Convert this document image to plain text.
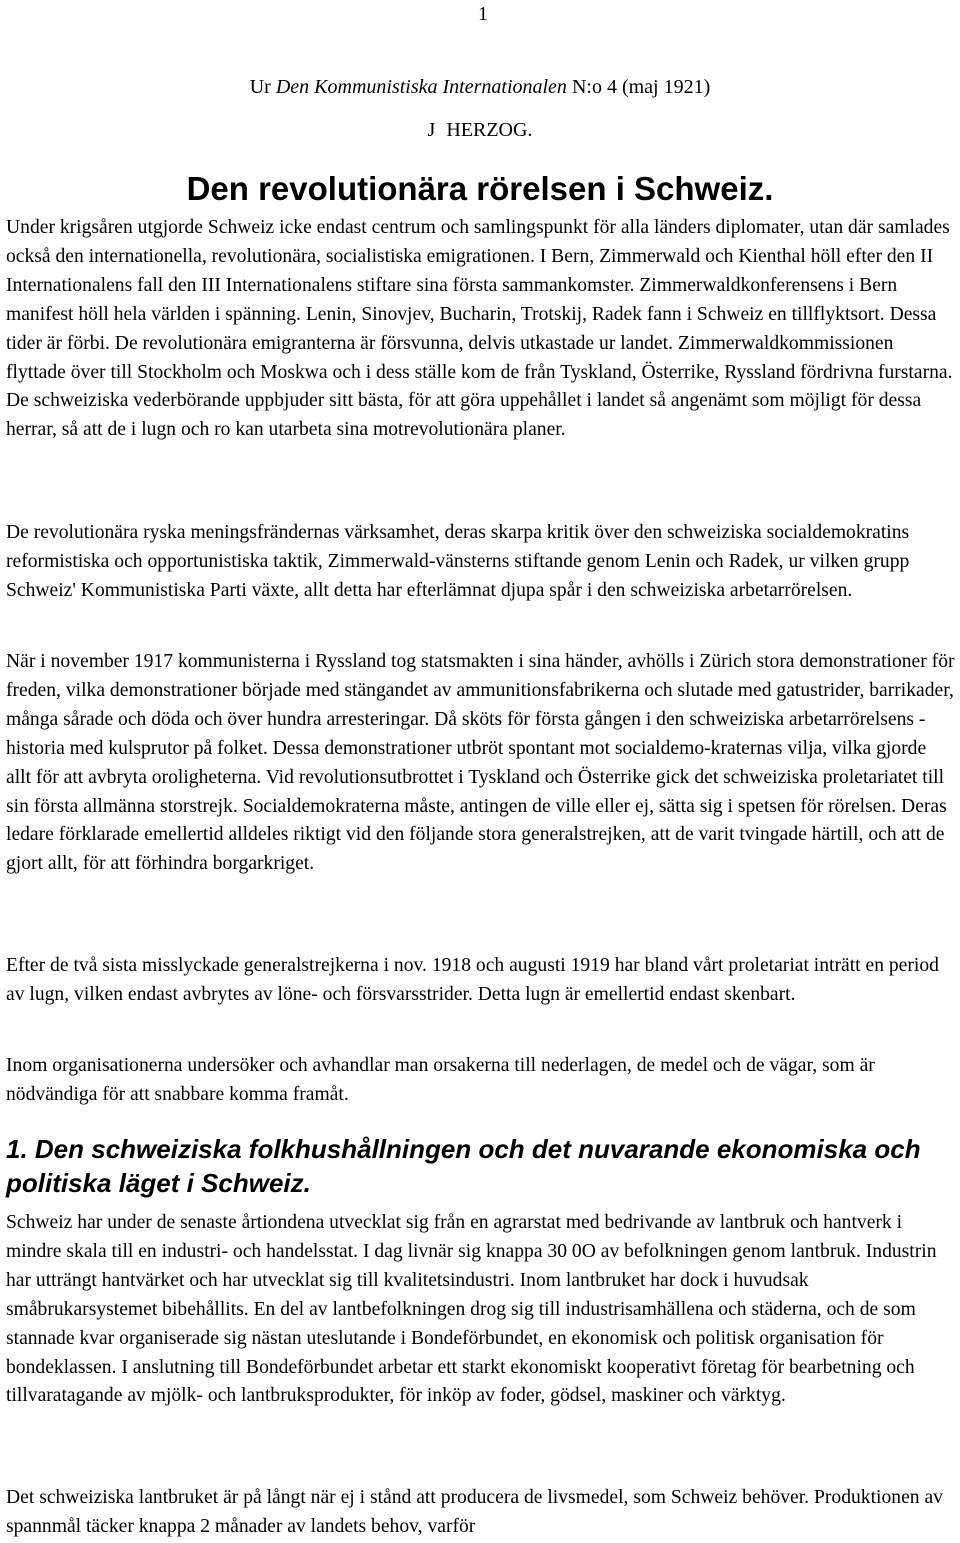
1
Ur Den Kommunistiska Internationalen N:o 4 (maj 1921)
J HERZOG.
Den revolutionära rörelsen i Schweiz.

Under krigsåren utgjorde Schweiz icke endast centrum och samlingspunkt för alla länders diplomater, utan där samlades också den internationella, revolutionära, socialistiska emigrationen. I Bern, Zimmerwald och Kienthal höll efter den II Internationalens fall den III Internationalens stiftare sina första sammankomster. Zimmerwaldkonferensens i Bern manifest höll hela världen i spänning. Lenin, Sinovjev, Bucharin, Trotskij, Radek fann i Schweiz en tillflyktsort. Dessa tider är förbi. De revolutionära emigranterna är försvunna, delvis utkastade ur landet. Zimmerwaldkommissionen flyttade över till Stockholm och Moskwa och i dess ställe kom de från Tyskland, Österrike, Ryssland fördrivna furstarna. De schweiziska vederbörande uppbjuder sitt bästa, för att göra uppehållet i landet så angenämt som möjligt för dessa herrar, så att de i lugn och ro kan utarbeta sina motrevolutionära planer.

De revolutionära ryska meningsfrändernas värksamhet, deras skarpa kritik över den schweiziska socialdemokratins reformistiska och opportunistiska taktik, Zimmerwald-vänsterns stiftande genom Lenin och Radek, ur vilken grupp Schweiz' Kommunistiska Parti växte, allt detta har efterlämnat djupa spår i den schweiziska arbetarrörelsen.

När i november 1917 kommunisterna i Ryssland tog statsmakten i sina händer, avhölls i Zürich stora demonstrationer för freden, vilka demonstrationer började med stängandet av ammunitionsfabrikerna och slutade med gatustrider, barrikader, många sårade och döda och över hundra arresteringar. Då sköts för första gången i den schweiziska arbetarrörelsens - historia med kulsprutor på folket. Dessa demonstrationer utbröt spontant mot socialdemo-kraternas vilja, vilka gjorde allt för att avbryta oroligheterna. Vid revolutionsutbrottet i Tyskland och Österrike gick det schweiziska proletariatet till sin första allmänna storstrejk. Socialdemokraterna måste, antingen de ville eller ej, sätta sig i spetsen för rörelsen. Deras ledare förklarade emellertid alldeles riktigt vid den följande stora generalstrejken, att de varit tvingade härtill, och att de gjort allt, för att förhindra borgarkriget.

Efter de två sista misslyckade generalstrejkerna i nov. 1918 och augusti 1919 har bland vårt proletariat inträtt en period av lugn, vilken endast avbrytes av löne- och försvarsstrider. Detta lugn är emellertid endast skenbart.

Inom organisationerna undersöker och avhandlar man orsakerna till nederlagen, de medel och de vägar, som är nödvändiga för att snabbare komma framåt.

1. Den schweiziska folkhushållningen och det nuvarande ekonomiska och politiska läget i Schweiz.

Schweiz har under de senaste årtiondena utvecklat sig från en agrarstat med bedrivande av lantbruk och hantverk i mindre skala till en industri- och handelsstat. I dag livnär sig knappa 30 0O av befolkningen genom lantbruk. Industrin har utträngt hantvärket och har utvecklat sig till kvalitetsindustri. Inom lantbruket har dock i huvudsak småbrukarsystemet bibehållits. En del av lantbefolkningen drog sig till industrisamhällena och städerna, och de som stannade kvar organiserade sig nästan uteslutande i Bondeförbundet, en ekonomisk och politisk organisation för bondeklassen. I anslutning till Bondeförbundet arbetar ett starkt ekonomiskt kooperativt företag för bearbetning och tillvaratagande av mjölk- och lantbruksprodukter, för inköp av foder, gödsel, maskiner och värktyg.

Det schweiziska lantbruket är på långt när ej i stånd att producera de livsmedel, som Schweiz behöver. Produktionen av spannmål täcker knappa 2 månader av landets behov, varför
